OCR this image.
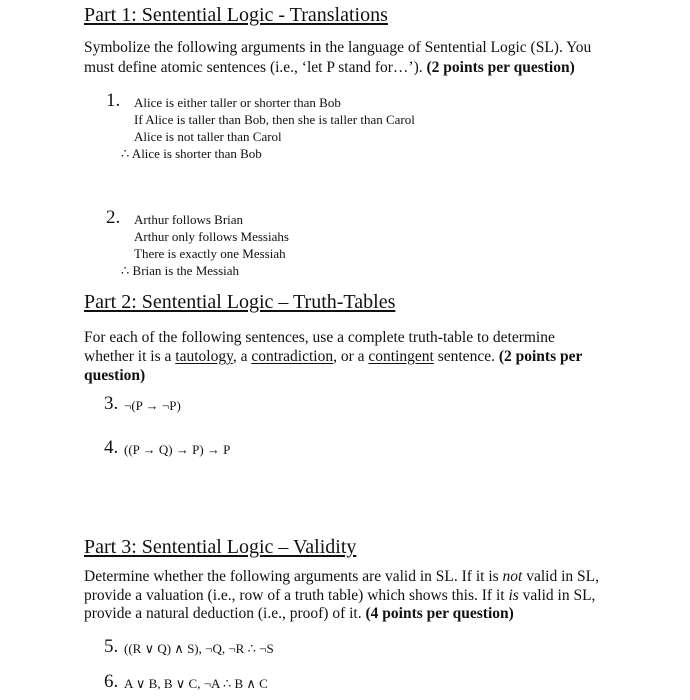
Part 1: Sentential Logic - Translations
Symbolize the following arguments in the language of Sentential Logic (SL). You
must define atomic sentences (i.e., ‘let P stand for…’). (2 points per question)
1. Alice is either taller or shorter than Bob
If Alice is taller than Bob, then she is taller than Carol
Alice is not taller than Carol
∴ Alice is shorter than Bob
2. Arthur follows Brian
Arthur only follows Messiahs
There is exactly one Messiah
∴ Brian is the Messiah
Part 2: Sentential Logic – Truth-Tables
For each of the following sentences, use a complete truth-table to determine
whether it is a tautology, a contradiction, or a contingent sentence. (2 points per
question)
3. ¬(P → ¬P)
4. ((P → Q) → P) → P
Part 3: Sentential Logic – Validity
Determine whether the following arguments are valid in SL. If it is not valid in SL,
provide a valuation (i.e., row of a truth table) which shows this. If it is valid in SL,
provide a natural deduction (i.e., proof) of it. (4 points per question)
5. ((R ∨ Q) ∧ S), ¬Q, ¬R ∴ ¬S
6. A ∨ B, B ∨ C, ¬A ∴ B ∧ C
